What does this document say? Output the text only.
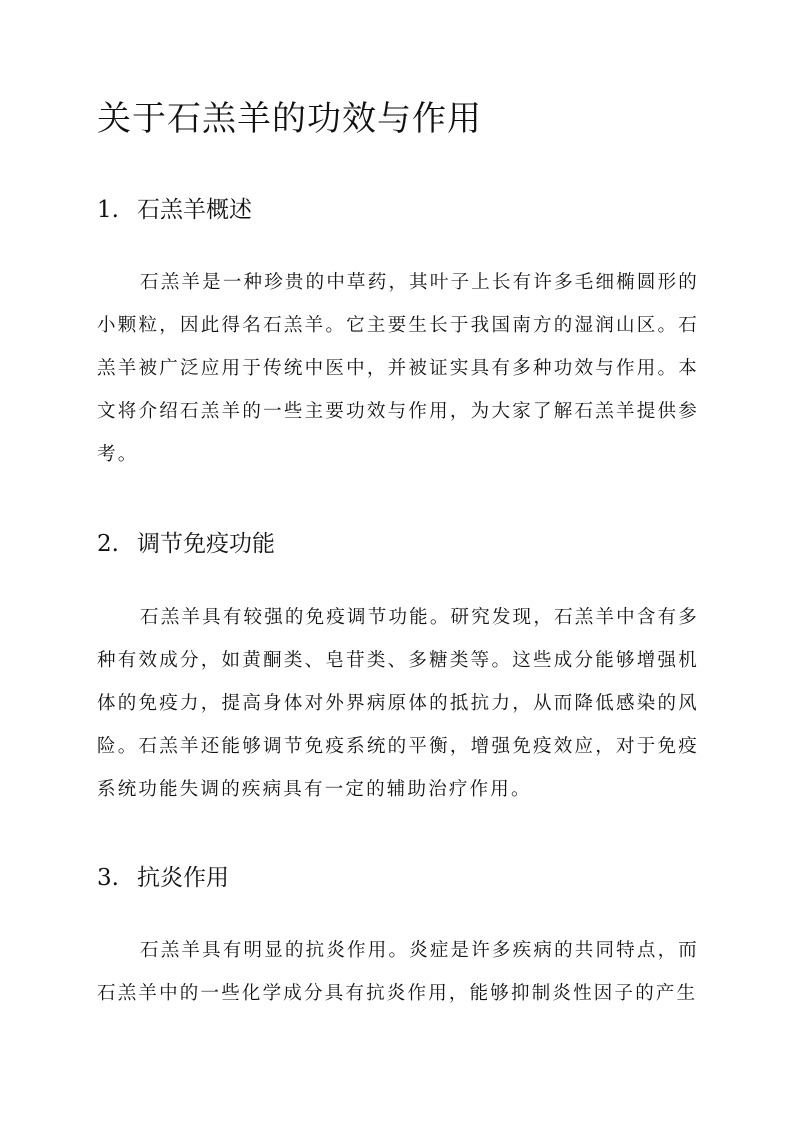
关于石羔羊的功效与作用
1. 石羔羊概述

石羔羊是一种珍贵的中草药，其叶子上长有许多毛细椭圆形的小颗粒，因此得名石羔羊。它主要生长于我国南方的湿润山区。石羔羊被广泛应用于传统中医中，并被证实具有多种功效与作用。本文将介绍石羔羊的一些主要功效与作用，为大家了解石羔羊提供参考。

2. 调节免疫功能

石羔羊具有较强的免疫调节功能。研究发现，石羔羊中含有多种有效成分，如黄酮类、皂苷类、多糖类等。这些成分能够增强机体的免疫力，提高身体对外界病原体的抵抗力，从而降低感染的风险。石羔羊还能够调节免疫系统的平衡，增强免疫效应，对于免疫系统功能失调的疾病具有一定的辅助治疗作用。

3. 抗炎作用

石羔羊具有明显的抗炎作用。炎症是许多疾病的共同特点，而石羔羊中的一些化学成分具有抗炎作用，能够抑制炎性因子的产生
